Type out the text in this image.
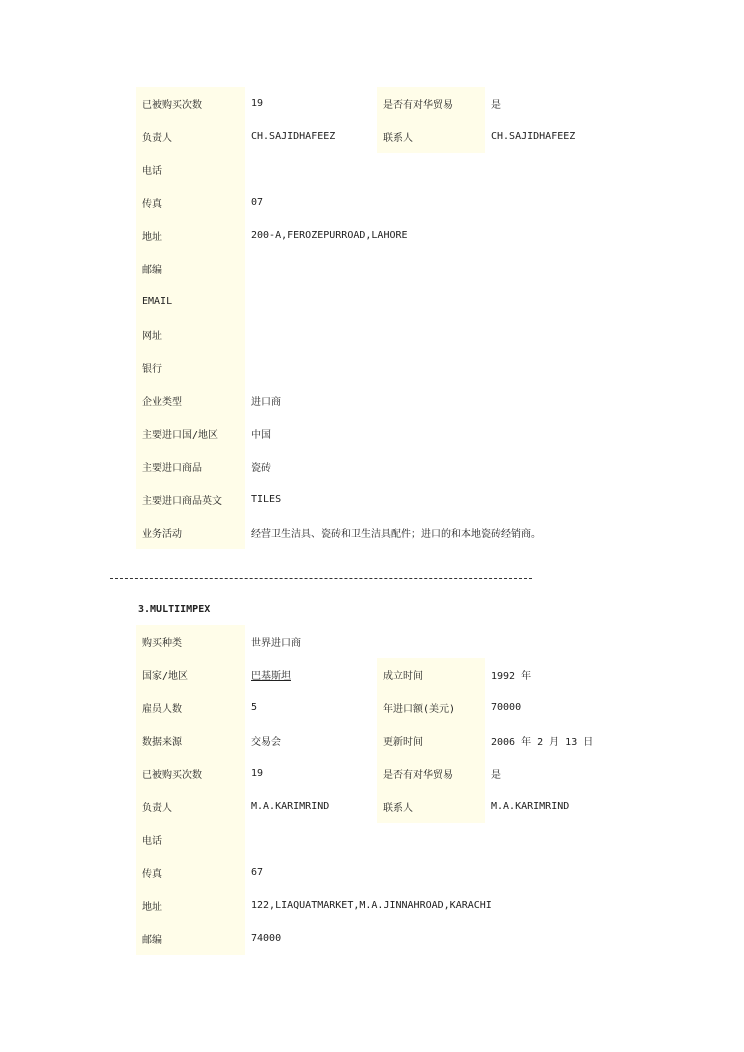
已被购买次数	19	是否有对华贸易	是
负责人	CH.SAJIDHAFEEZ	联系人	CH.SAJIDHAFEEZ
电话			
传真	07		
地址	200-A,FEROZEPURROAD,LAHORE		
邮编			
EMAIL			
网址			
银行			
企业类型	进口商		
主要进口国/地区	中国		
主要进口商品	瓷砖		
主要进口商品英文	TILES		
业务活动	经营卫生洁具、瓷砖和卫生洁具配件；进口的和本地瓷砖经销商。		
3.MULTIIMPEX
购买种类	世界进口商		
国家/地区	巴基斯坦	成立时间	1992 年
雇员人数	5	年进口额(美元)	70000
数据来源	交易会	更新时间	2006 年 2 月 13 日
已被购买次数	19	是否有对华贸易	是
负责人	M.A.KARIMRIND	联系人	M.A.KARIMRIND
电话			
传真	67		
地址	122,LIAQUATMARKET,M.A.JINNAHROAD,KARACHI		
邮编	74000		
